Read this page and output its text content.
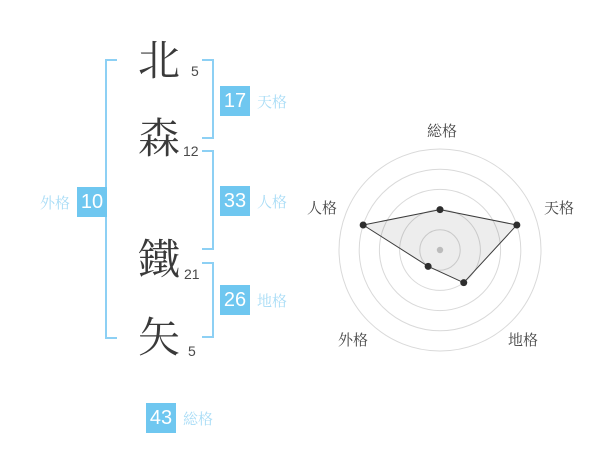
北
森
鐵
矢
5
12
21
5
17 天格
33 人格
26 地格
外格 10
43 総格
総格
天格
地格
外格
人格
